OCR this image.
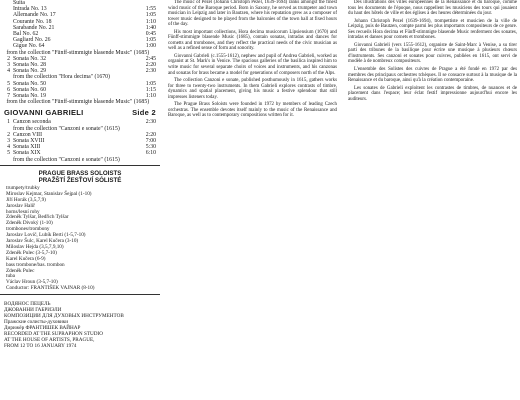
Suita
Intrada No. 13	1:55
Allemande No. 17	1:05
Courante No. 18	1:10
Sarabande No. 21	1:40
Bal No. 62	0:45
Gagliard No. 26	1:05
Gigue No. 64	1:00
from the collection "Fünff-stimmigte blasende Music" (1685)
2 Sonata No. 32	2:45
3 Sonata No. 28	2:20
4 Sonata No. 29	2:30
from the collection "Hora decima" (1670)
5 Sonata No. 50	1:05
6 Sonata No. 60	1:15
7 Sonata No. 19	1:10
from the collection "Fünff-stimmigte blasende Music" (1685)
GIOVANNI GABRIELI	Side 2
1 Canzon seconda	2:30
from the collection "Canzoni e sonate" (1615)
2 Canzon VIII	2:20
3 Sonata XVIII	7:00
4 Sonata XIII	5:30
5 Sonata XIX	6:10
from the collection "Canzoni e sonate" (1615)
PRAGUE BRASS SOLOISTS
PRAŽŠTÍ ŽESŤOVÍ SÓLISTÉ
trumpety/trubky
Miroslav Kejmar, Stanislav Šejpal (1-10)
Jiří Horák (3,5,7,9)
Jaroslav Halíř
horns/lesní rohy
Zdeněk Tylšar, Bedřich Tylšar
Zdeněk Divoký (1-10)
trombones/trombony
Jaroslav Lovič, Lubík Berti (1-5,7-10)
Jaroslav Šulc, Karel Kučera (3-10)
Miloslav Hejda (3,5,7,9,10)
Zdeněk Pulec (3-5,7-10)
Karel Kučera (6-9)
bass trombone/bas. trombon
Zdeněk Pulec
tuba
Václav Hroun (3-5,7-10)
Conductor: FRANTIŠEK VAJNAR (8-10)
ВОДЯНОС ПЕЦЕЛЬ
ДЖОВАННИ ГАБРИЭЛИ
КОМПОЗИЦИИ ДЛЯ ДУХОВЫХ ИНСТРУМЕНТОВ
Пражские солисты-духовики
Дирижёр ФРАНТИШЕК ВАЙНАР
RECORDED AT THE SUPRAPHON STUDIO
AT THE HOUSE OF ARTISTS, PRAGUE,
FROM 12 TO 16 JANUARY 1974

The music of Pezel (Johann Christoph Pezel, 1639-1694) ranks amongst the finest wind music of the Baroque period. Born in Saxony, he served as trumpeter and town musician in Leipzig and later in Bautzen, where his reputation grew as a composer of tower music designed to be played from the balconies of the town hall at fixed hours of the day.

His most important collections, Hora decima musicorum Lipsiensium (1670) and Fünff-stimmigte blasende Music (1685), contain sonatas, intradas and dances for cornetts and trombones, and they reflect the practical needs of the civic musician as well as a refined sense of form and sonority.

Giovanni Gabrieli (c.1555-1612), nephew and pupil of Andrea Gabrieli, worked as organist at St. Mark's in Venice. The spacious galleries of the basilica inspired him to write music for several separate choirs of voices and instruments, and his canzonas and sonatas for brass became a model for generations of composers north of the Alps.

The collection Canzoni e sonate, published posthumously in 1615, gathers works for three to twenty-two instruments. In them Gabrieli explores contrasts of timbre, dynamics and spatial placement, giving his music a festive splendour that still impresses listeners today.

The Prague Brass Soloists were founded in 1972 by members of leading Czech orchestras. The ensemble devotes itself mainly to the music of the Renaissance and Baroque, as well as to contemporary compositions written for it.

Des illustrations des villes européennes de la Renaissance et du baroque, comme tous les documents de l'époque, nous rappellent les musiciens des tours qui jouaient du haut des hôtels de ville et des églises à des heures déterminées du jour.

Johann Christoph Pezel (1639-1694), trompettiste et musicien de la ville de Leipzig, puis de Bautzen, compte parmi les plus importants compositeurs de ce genre. Ses recueils Hora decima et Fünff-stimmigte blasende Music renferment des sonates, intradas et danses pour cornets et trombones.

Giovanni Gabrieli (vers 1555-1612), organiste de Saint-Marc à Venise, a su tirer parti des tribunes de la basilique pour écrire une musique à plusieurs chœurs d'instruments. Ses canzoni et sonates pour cuivres, publiées en 1615, ont servi de modèle à de nombreux compositeurs.

L'ensemble des Solistes des cuivres de Prague a été fondé en 1972 par des membres des principaux orchestres tchèques. Il se consacre surtout à la musique de la Renaissance et du baroque, ainsi qu'à la création contemporaine.

Les sonates de Gabrieli exploitent les contrastes de timbres, de nuances et de placement dans l'espace; leur éclat festif impressionne aujourd'hui encore les auditeurs.
